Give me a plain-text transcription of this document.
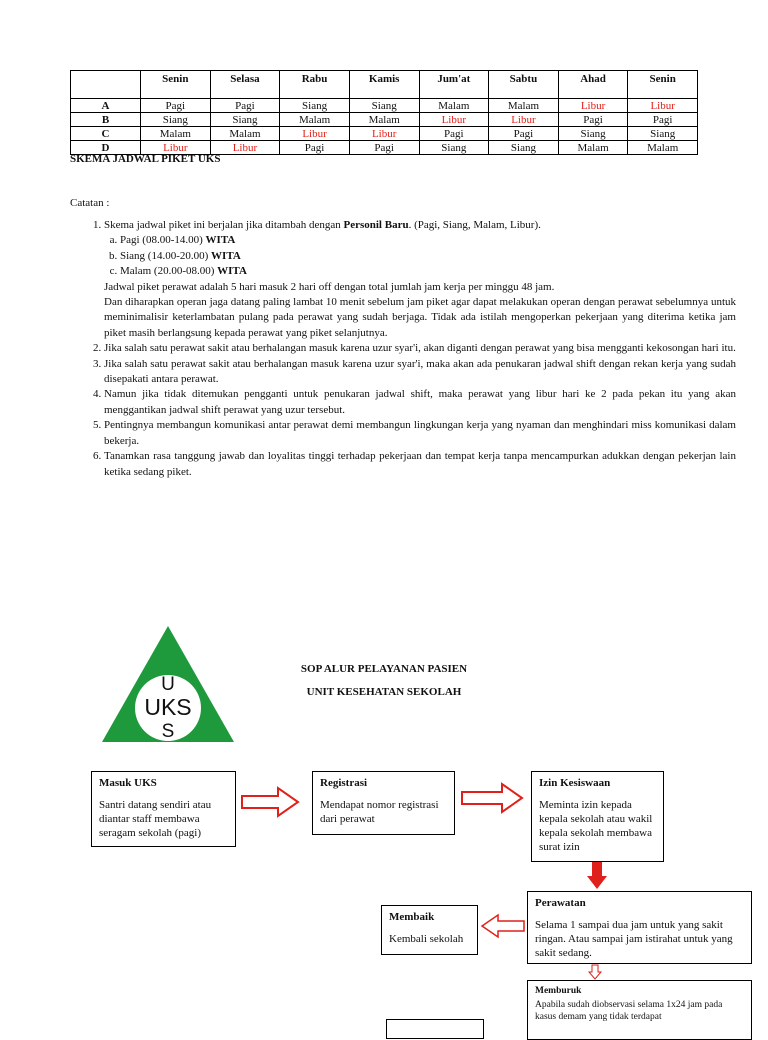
	Senin	Selasa	Rabu	Kamis	Jum'at	Sabtu	Ahad	Senin
A	Pagi	Pagi	Siang	Siang	Malam	Malam	Libur	Libur
B	Siang	Siang	Malam	Malam	Libur	Libur	Pagi	Pagi
C	Malam	Malam	Libur	Libur	Pagi	Pagi	Siang	Siang
D	Libur	Libur	Pagi	Pagi	Siang	Siang	Malam	Malam
SKEMA JADWAL PIKET UKS
Catatan :
1. Skema jadwal piket ini berjalan jika ditambah dengan Personil Baru. (Pagi, Siang, Malam, Libur).
a. Pagi (08.00-14.00) WITA
b. Siang (14.00-20.00) WITA
c. Malam (20.00-08.00) WITA
Jadwal piket perawat adalah 5 hari masuk 2 hari off dengan total jumlah jam kerja per minggu 48 jam.
Dan diharapkan operan jaga datang paling lambat 10 menit sebelum jam piket agar dapat melakukan operan dengan perawat sebelumnya untuk meminimalisir keterlambatan pulang pada perawat yang sudah berjaga. Tidak ada istilah mengoperkan pekerjaan yang diterima ketika jam piket masih berlangsung kepada perawat yang piket selanjutnya.
2. Jika salah satu perawat sakit atau berhalangan masuk karena uzur syar'i, akan diganti dengan perawat yang bisa mengganti kekosongan hari itu.
3. Jika salah satu perawat sakit atau berhalangan masuk karena uzur syar'i, maka akan ada penukaran jadwal shift dengan rekan kerja yang sudah disepakati antara perawat.
4. Namun jika tidak ditemukan pengganti untuk penukaran jadwal shift, maka perawat yang libur hari ke 2 pada pekan itu yang akan menggantikan jadwal shift perawat yang uzur tersebut.
5. Pentingnya membangun komunikasi antar perawat demi membangun lingkungan kerja yang nyaman dan menghindari miss komunikasi dalam bekerja.
6. Tanamkan rasa tanggung jawab dan loyalitas tinggi terhadap pekerjaan dan tempat kerja tanpa mencampurkan adukkan dengan pekerjan lain ketika sedang piket.
U
UKS
S
SOP ALUR PELAYANAN PASIEN
UNIT KESEHATAN SEKOLAH
Masuk UKS
Santri datang sendiri atau diantar staff membawa seragam sekolah (pagi)
Registrasi
Mendapat nomor registrasi dari perawat
Izin Kesiswaan
Meminta izin kepada kepala sekolah atau wakil kepala sekolah membawa surat izin
Perawatan
Selama 1 sampai dua jam untuk yang sakit ringan. Atau sampai jam istirahat untuk yang sakit sedang.
Membaik
Kembali sekolah
Memburuk
Apabila sudah diobservasi selama 1x24 jam pada kasus demam yang tidak terdapat
